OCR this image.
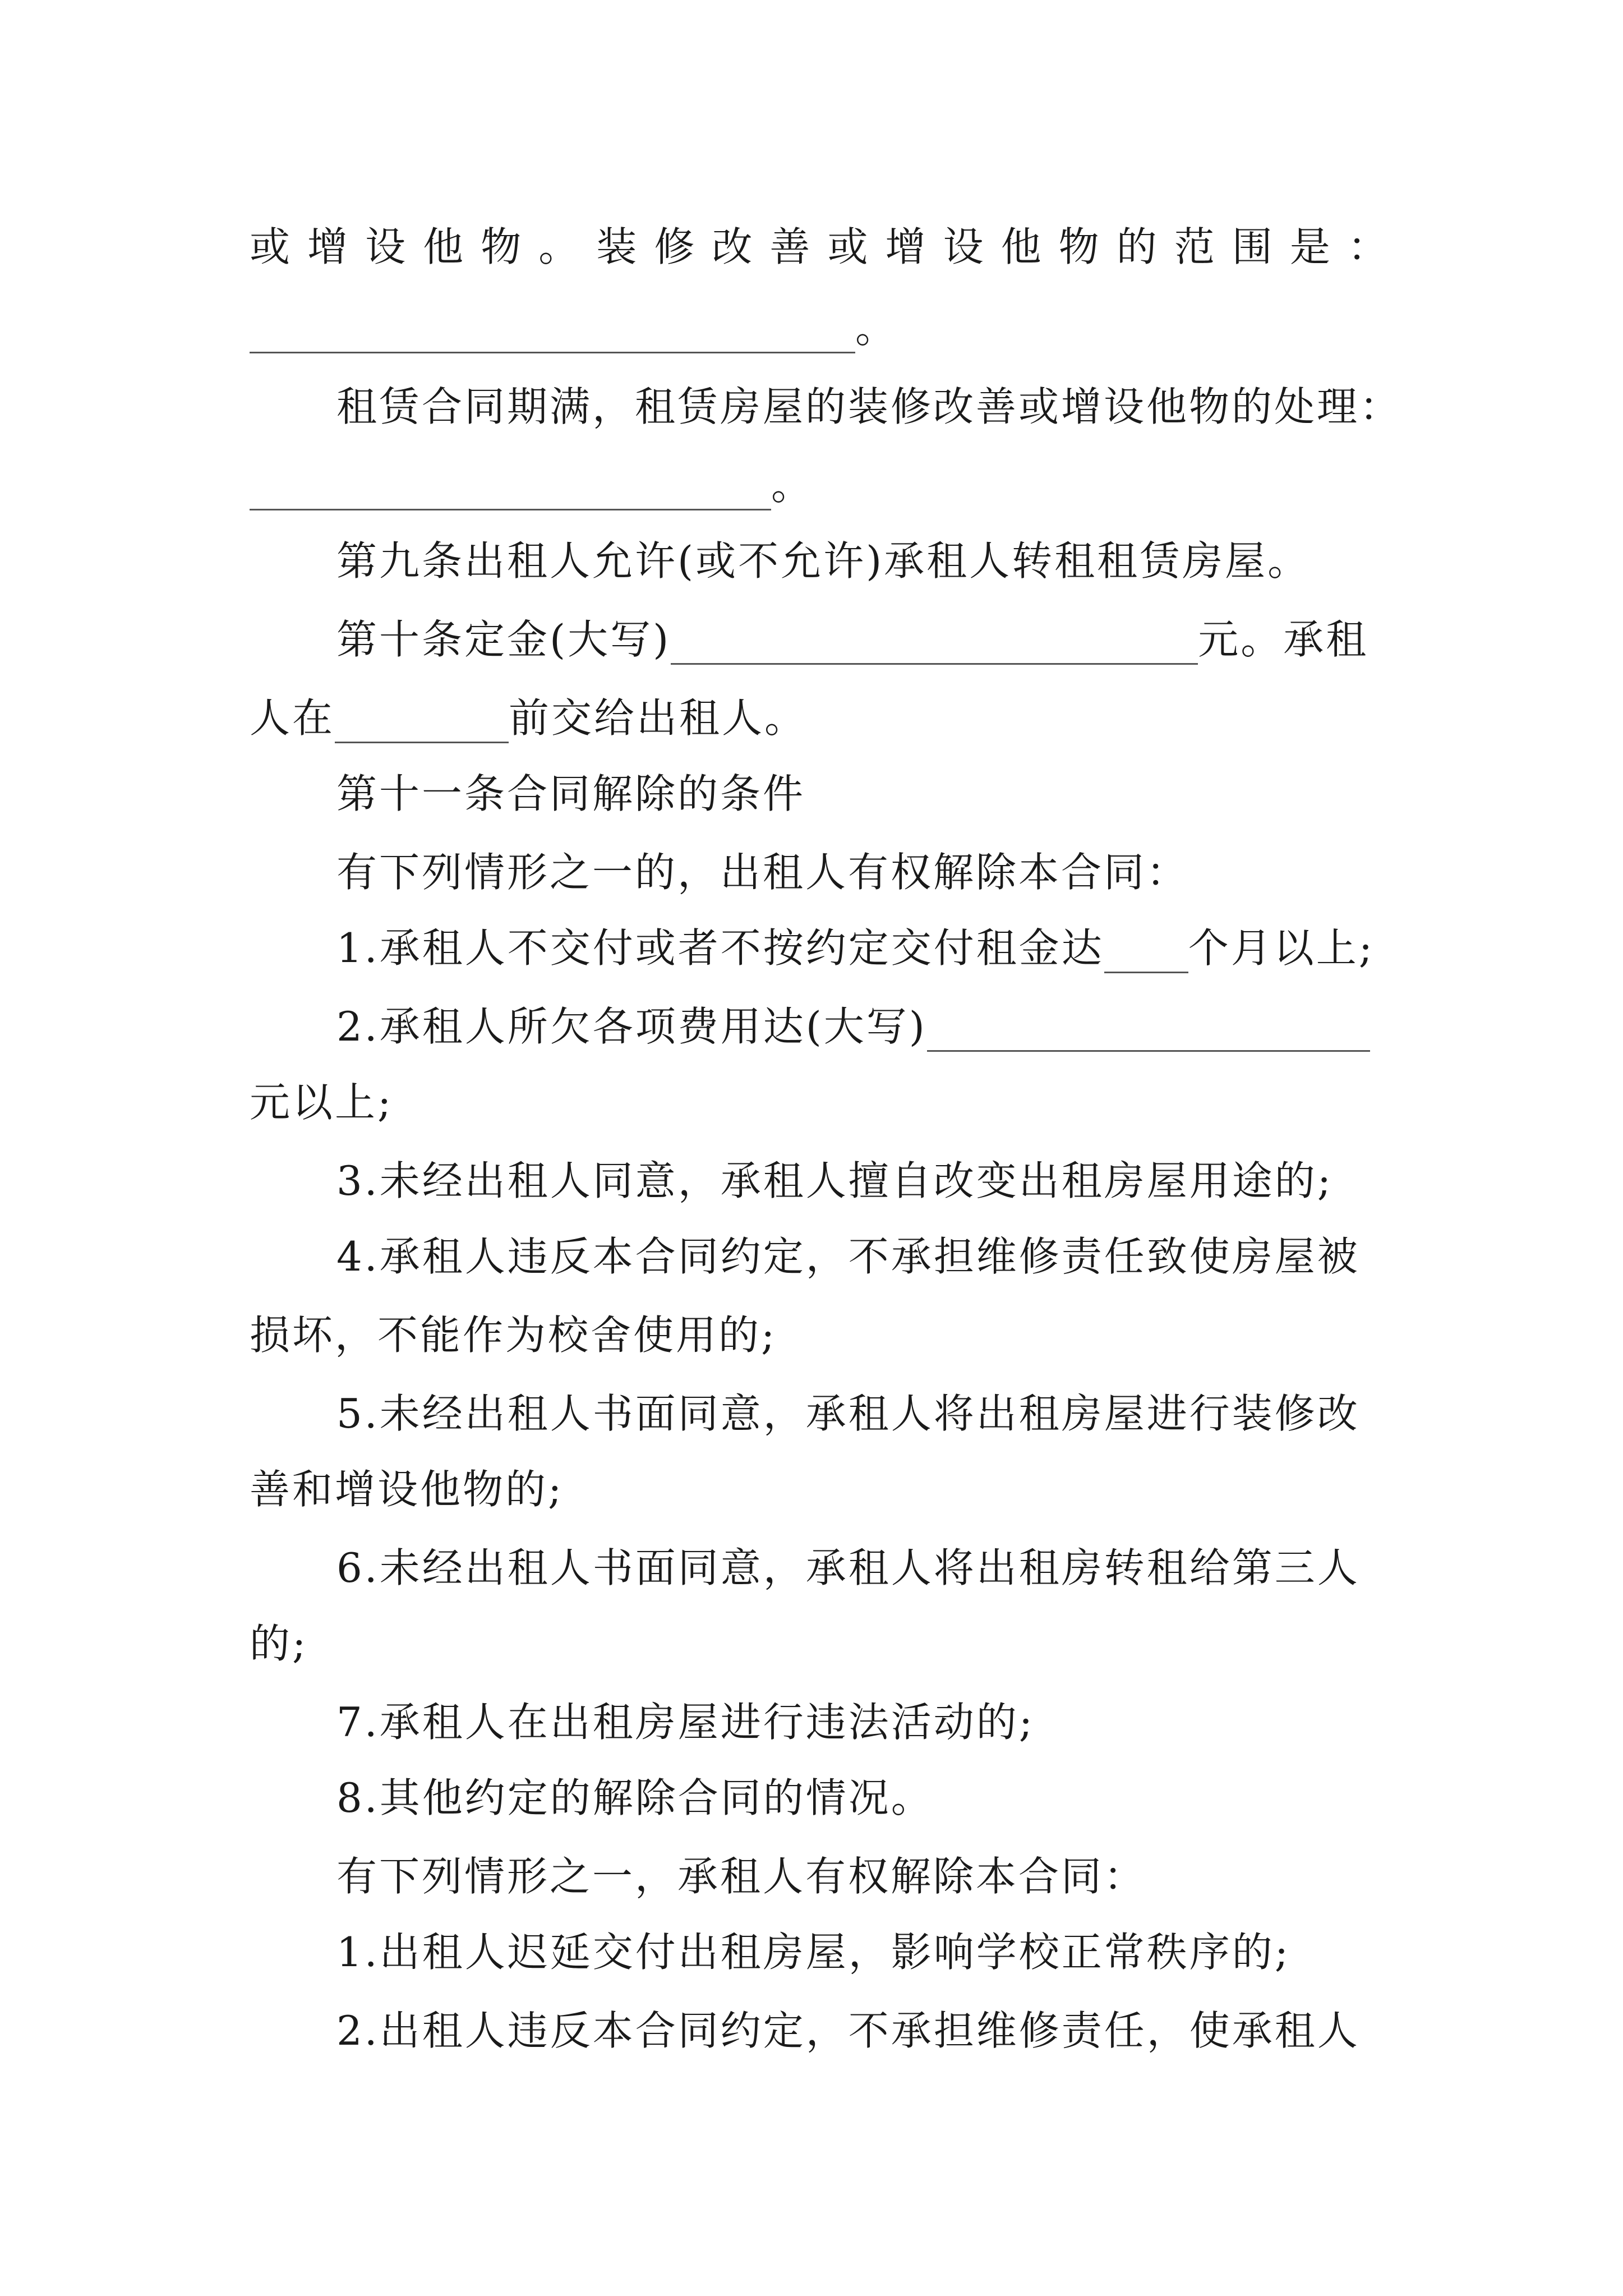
或 增 设 他 物 。 装 修 改 善 或 增 设 他 物 的 范 围 是 ：
。
租赁合同期满，租赁房屋的装修改善或增设他物的处理：
。
第九条出租人允许(或不允许)承租人转租租赁房屋。
第十条定金(大写)	元。承租
人在	前交给出租人。
第十一条合同解除的条件
有下列情形之一的，出租人有权解除本合同：
1.承租人不交付或者不按约定交付租金达 个月以上;
2.承租人所欠各项费用达(大写)
元以上;
3.未经出租人同意，承租人擅自改变出租房屋用途的;
4.承租人违反本合同约定，不承担维修责任致使房屋被
损坏，不能作为校舍使用的;
5.未经出租人书面同意，承租人将出租房屋进行装修改
善和增设他物的;
6.未经出租人书面同意，承租人将出租房转租给第三人
的;
7.承租人在出租房屋进行违法活动的;
8.其他约定的解除合同的情况。
有下列情形之一，承租人有权解除本合同：
1.出租人迟延交付出租房屋，影响学校正常秩序的;
2.出租人违反本合同约定，不承担维修责任，使承租人
